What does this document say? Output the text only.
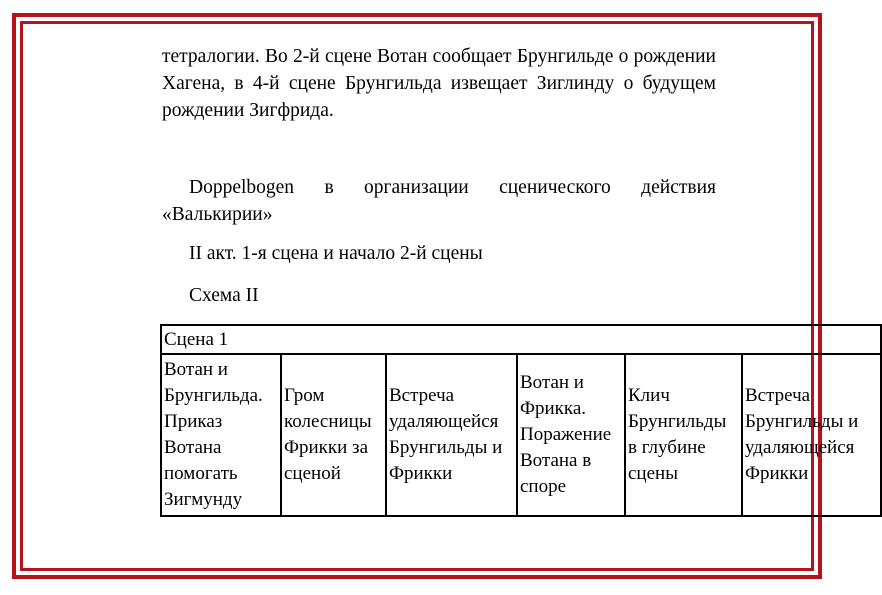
тетралогии. Во 2-й сцене Вотан сообщает Брунгильде о рождении Хагена, в 4-й сцене Брунгильда извещает Зиглинду о будущем рождении Зигфрида.

Doppelbogen в организации сценического действия «Валькирии»

II акт. 1-я сцена и начало 2-й сцены

Схема II

Сцена 1
Вотан и Брунгильда. Приказ Вотана помогать Зигмунду	Гром колесницы Фрикки за сценой	Встреча удаляющейся Брунгильды и Фрикки	Вотан и Фрикка. Поражение Вотана в споре	Клич Брунгильды в глубине сцены	Встреча Брунгильды и удаляющейся Фрикки
